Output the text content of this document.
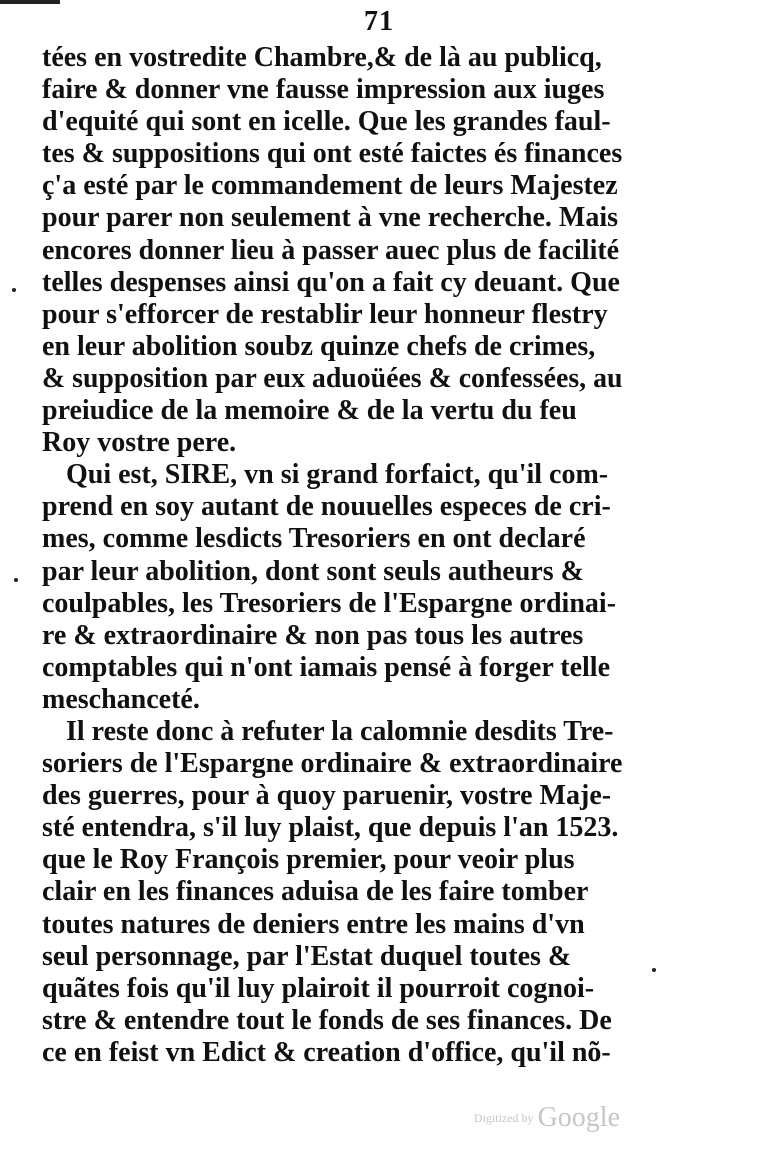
71
tées en vostredite Chambre,& de là au publicq,
faire & donner vne fausse impression aux iuges
d'equité qui sont en icelle. Que les grandes faul-
tes & suppositions qui ont esté faictes és finances
ç'a esté par le commandement de leurs Majestez
pour parer non seulement à vne recherche. Mais
encores donner lieu à passer auec plus de facilité
telles despenses ainsi qu'on a fait cy deuant. Que
pour s'efforcer de restablir leur honneur flestry
en leur abolition soubz quinze chefs de crimes,
& supposition par eux aduoüées & confessées, au
preiudice de la memoire & de la vertu du feu
Roy vostre pere.
Qui est, SIRE, vn si grand forfaict, qu'il com-
prend en soy autant de nouuelles especes de cri-
mes, comme lesdicts Tresoriers en ont declaré
par leur abolition, dont sont seuls autheurs &
coulpables, les Tresoriers de l'Espargne ordinai-
re & extraordinaire & non pas tous les autres
comptables qui n'ont iamais pensé à forger telle
meschanceté.
Il reste donc à refuter la calomnie desdits Tre-
soriers de l'Espargne ordinaire & extraordinaire
des guerres, pour à quoy paruenir, vostre Maje-
sté entendra, s'il luy plaist, que depuis l'an 1523.
que le Roy François premier, pour veoir plus
clair en les finances aduisa de les faire tomber
toutes natures de deniers entre les mains d'vn
seul personnage, par l'Estat duquel toutes &
quãtes fois qu'il luy plairoit il pourroit cognoi-
stre & entendre tout le fonds de ses finances. De
ce en feist vn Edict & creation d'office, qu'il nõ-
Digitized by Google
